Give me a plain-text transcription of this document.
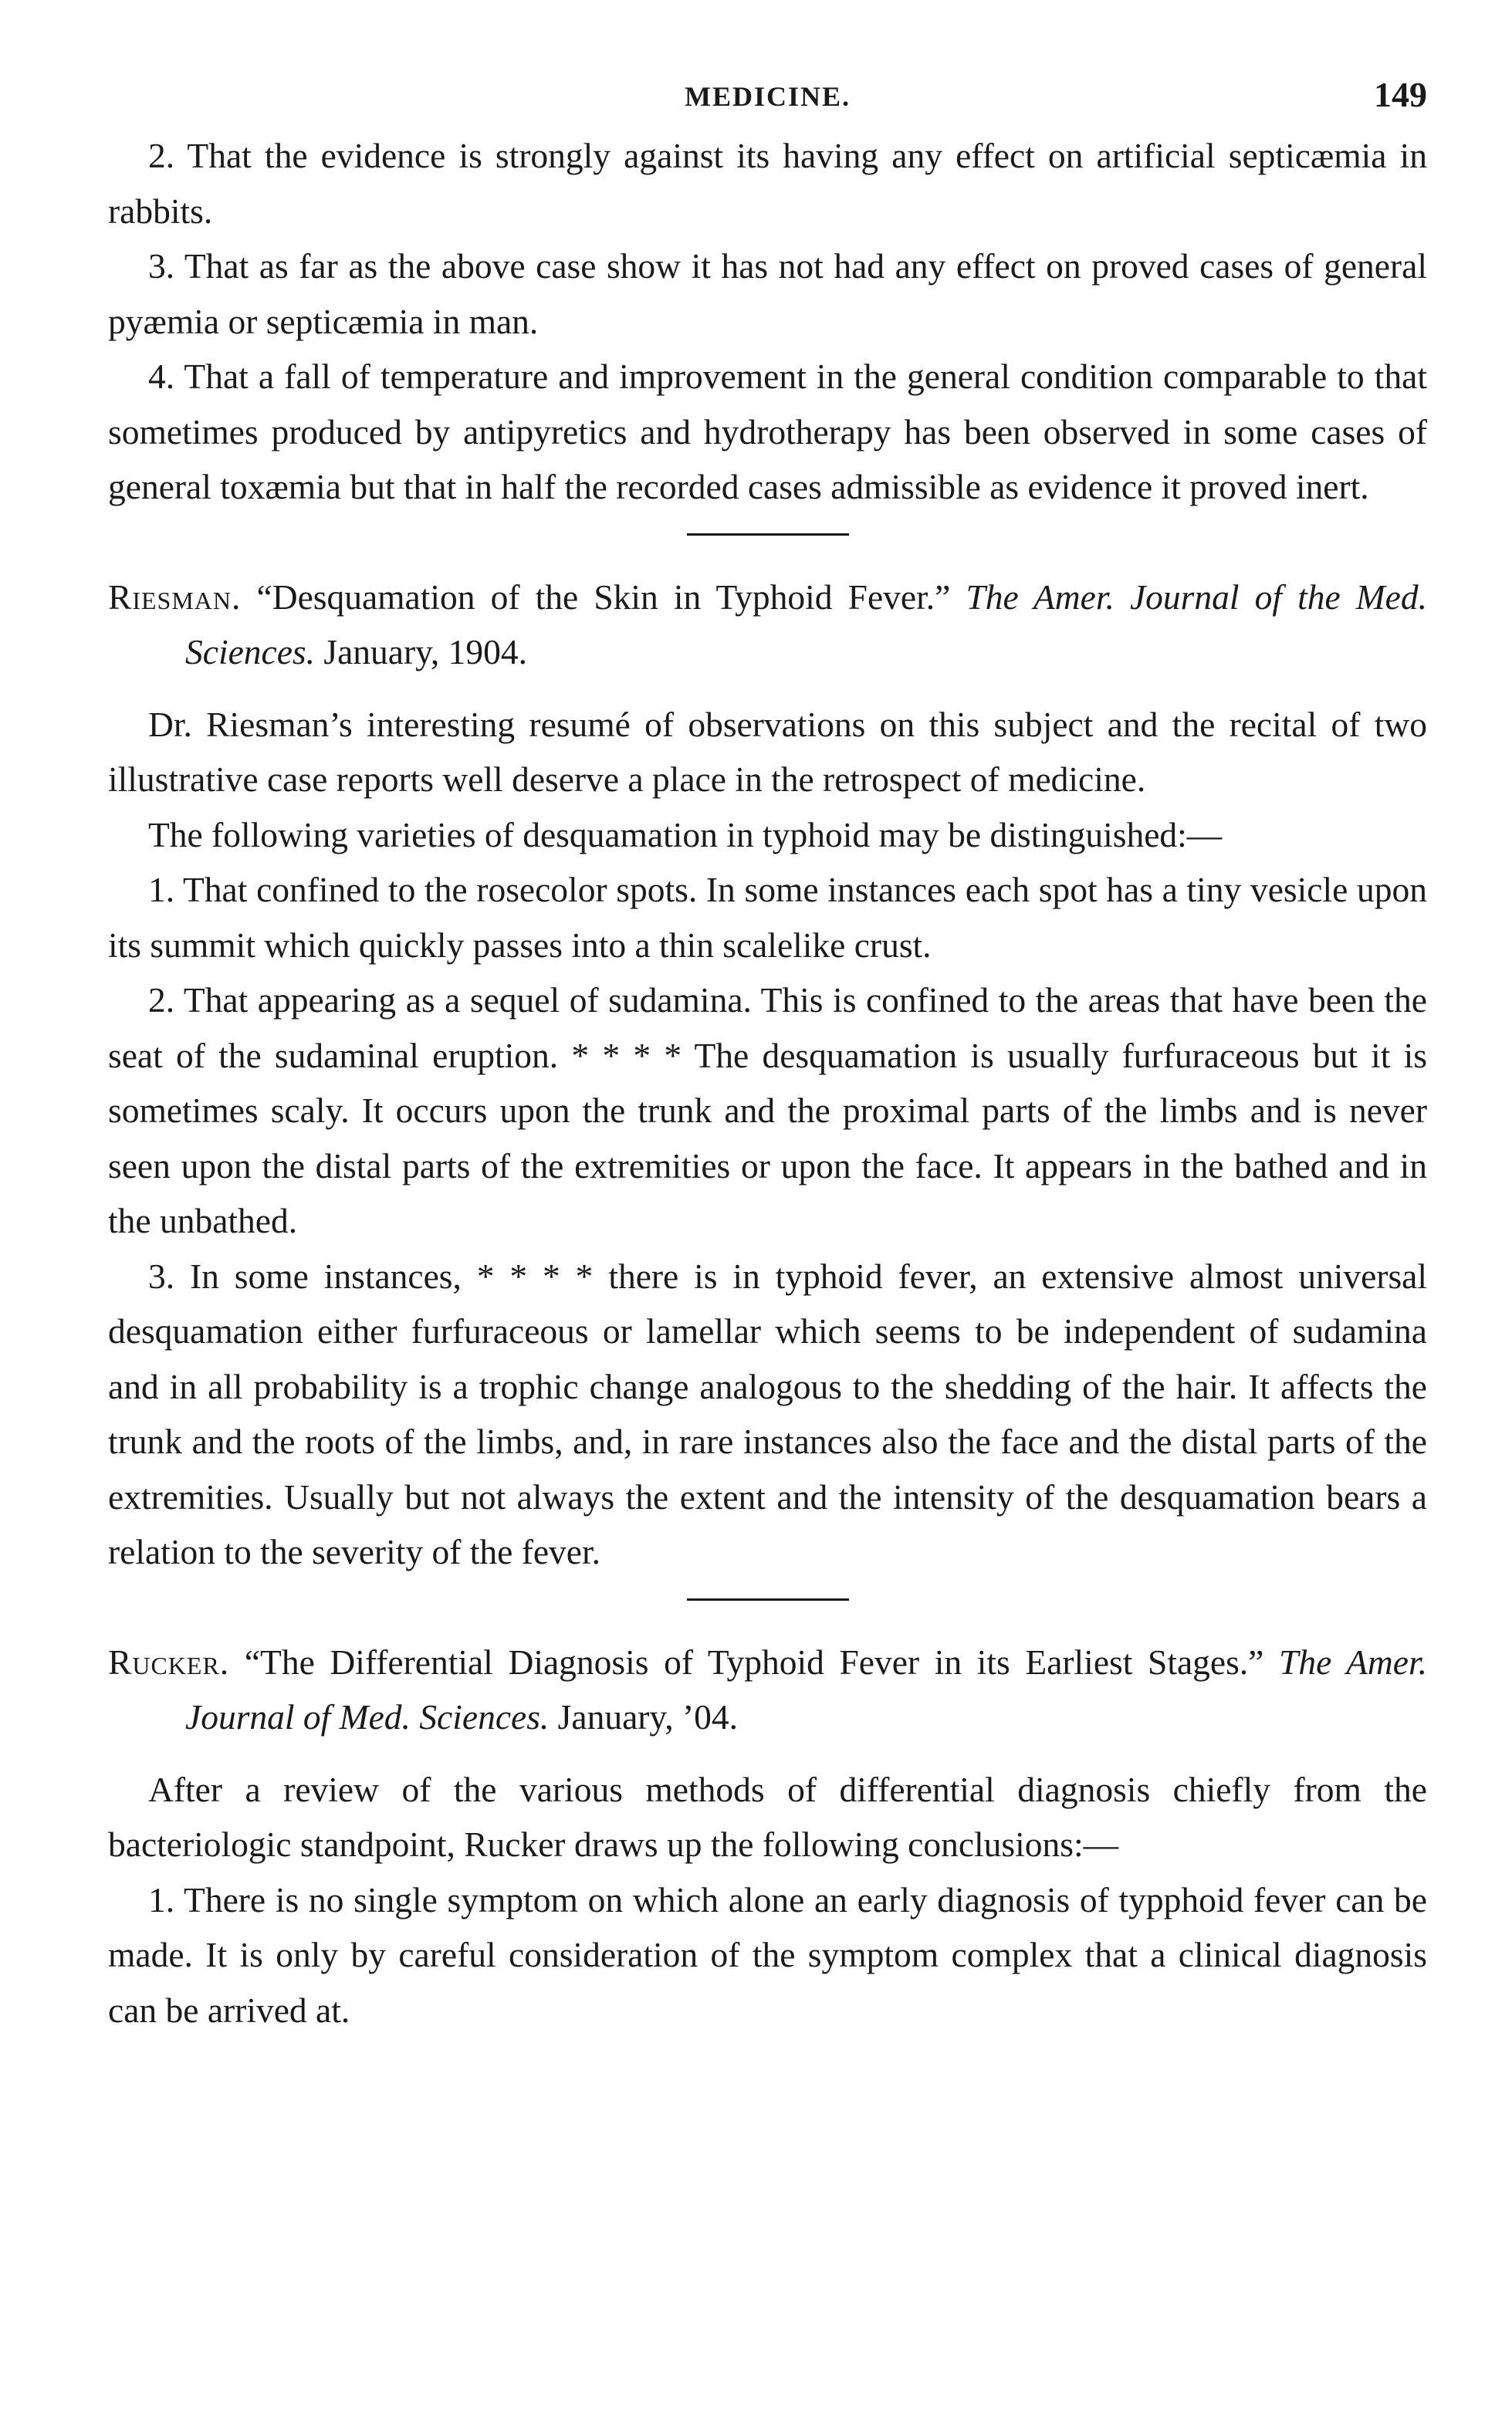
MEDICINE.	149

2. That the evidence is strongly against its having any effect on artificial septicæmia in rabbits.

3. That as far as the above case show it has not had any effect on proved cases of general pyæmia or septicæmia in man.

4. That a fall of temperature and improvement in the general condition comparable to that sometimes produced by antipyretics and hydrotherapy has been observed in some cases of general toxæmia but that in half the recorded cases admissible as evidence it proved inert.

Riesman. “Desquamation of the Skin in Typhoid Fever.” The Amer. Journal of the Med. Sciences. January, 1904.

Dr. Riesman’s interesting resumé of observations on this subject and the recital of two illustrative case reports well deserve a place in the retrospect of medicine.

The following varieties of desquamation in typhoid may be distinguished:—

1. That confined to the rosecolor spots. In some instances each spot has a tiny vesicle upon its summit which quickly passes into a thin scalelike crust.

2. That appearing as a sequel of sudamina. This is confined to the areas that have been the seat of the sudaminal eruption. * * * * The desquamation is usually furfuraceous but it is sometimes scaly. It occurs upon the trunk and the proximal parts of the limbs and is never seen upon the distal parts of the extremities or upon the face. It appears in the bathed and in the unbathed.

3. In some instances, * * * * there is in typhoid fever, an extensive almost universal desquamation either furfuraceous or lamellar which seems to be independent of sudamina and in all probability is a trophic change analogous to the shedding of the hair. It affects the trunk and the roots of the limbs, and, in rare instances also the face and the distal parts of the extremities. Usually but not always the extent and the intensity of the desquamation bears a relation to the severity of the fever.

Rucker. “The Differential Diagnosis of Typhoid Fever in its Earliest Stages.” The Amer. Journal of Med. Sciences. January, ’04.

After a review of the various methods of differential diagnosis chiefly from the bacteriologic standpoint, Rucker draws up the following conclusions:—

1. There is no single symptom on which alone an early diagnosis of typphoid fever can be made. It is only by careful consideration of the symptom complex that a clinical diagnosis can be arrived at.
